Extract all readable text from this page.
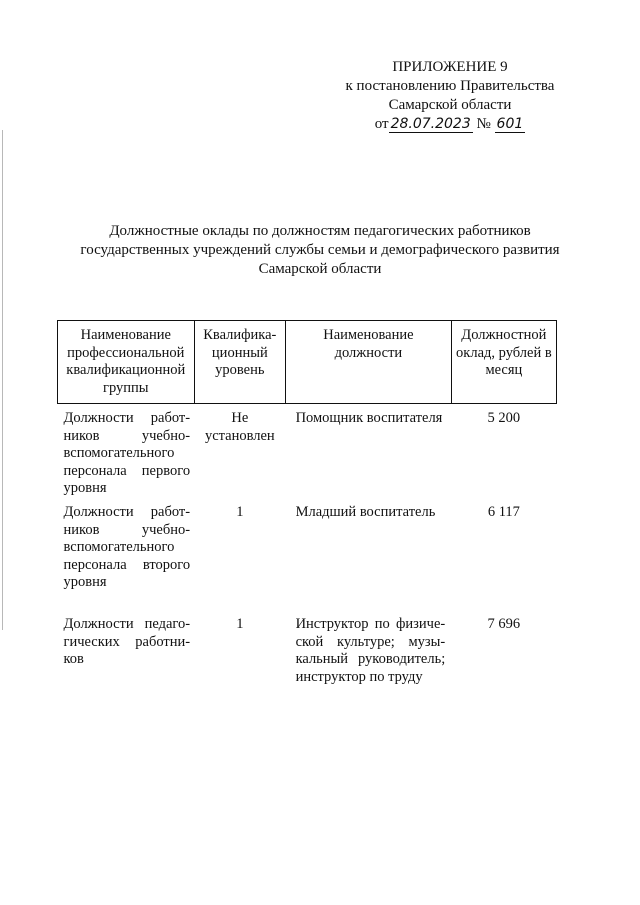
ПРИЛОЖЕНИЕ 9
к постановлению Правительства
Самарской области
от 28.07.2023 № 601
Должностные оклады по должностям педагогических работников
государственных учреждений службы семьи и демографического развития
Самарской области
Наименование профессиональной квалификационной группы	Квалифика-ционный уровень	Наименование должности	Должностной оклад, рублей в месяц
Должности работ-ников учебно-вспомогательного персонала первого уровня	Не установлен	Помощник воспитателя	5 200
Должности работ-ников учебно-вспомогательного персонала второго уровня	1	Младший воспитатель	6 117
Должности педаго-гических работни-ков	1	Инструктор по физиче-ской культуре; музы-кальный руководитель; инструктор по труду	7 696
